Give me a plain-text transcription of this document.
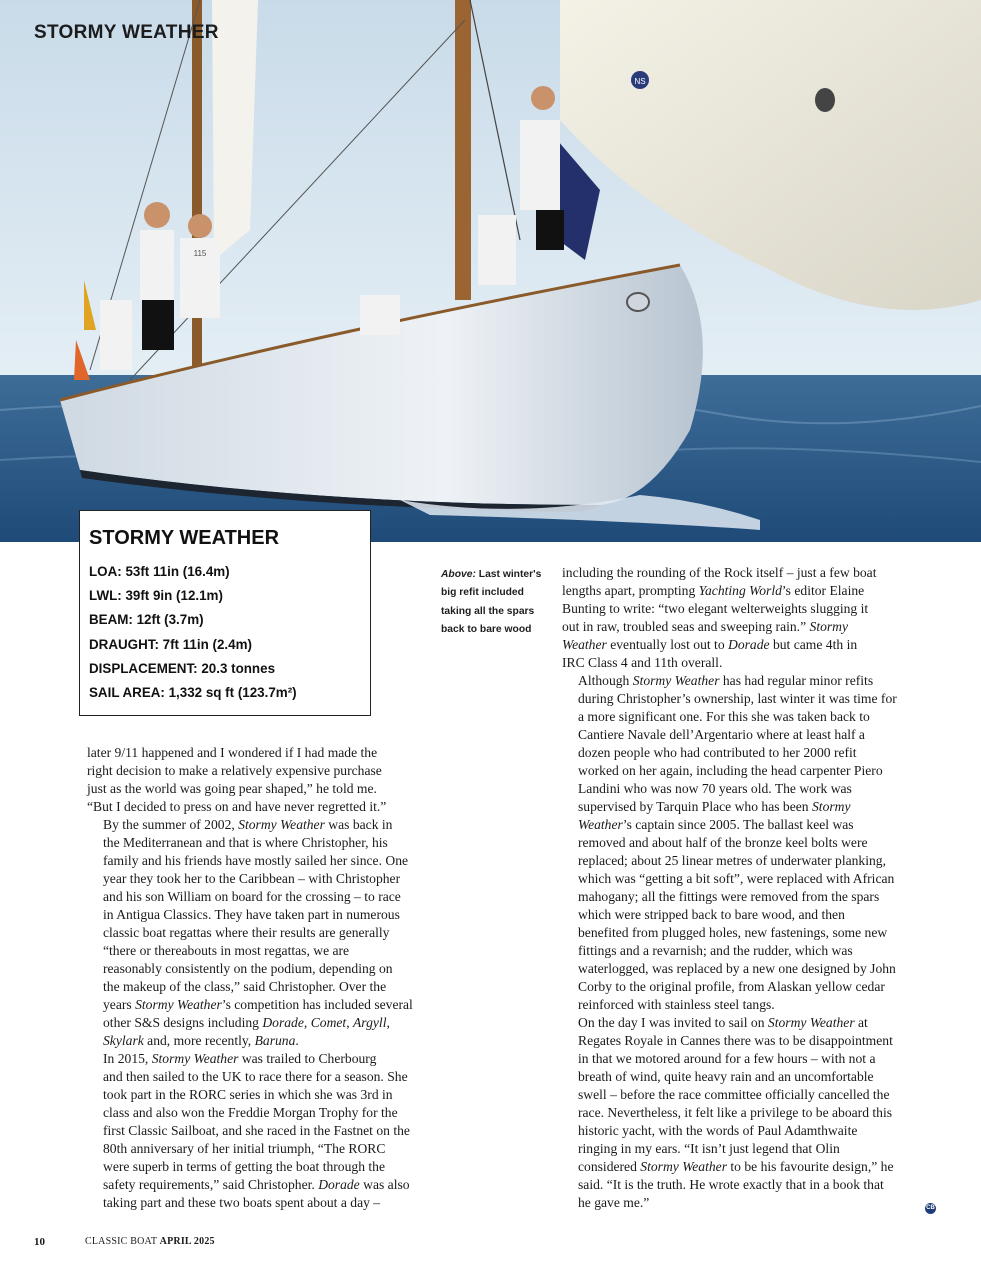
NS
115
STORMY WEATHER
STORMY WEATHER
LOA: 53ft 11in (16.4m)
LWL: 39ft 9in (12.1m)
BEAM: 12ft (3.7m)
DRAUGHT: 7ft 11in (2.4m)
DISPLACEMENT: 20.3 tonnes
SAIL AREA: 1,332 sq ft (123.7m²)

Above: Last winter's big refit included taking all the spars back to bare wood

later 9/11 happened and I wondered if I had made the
right decision to make a relatively expensive purchase
just as the world was going pear shaped,” he told me.
“But I decided to press on and have never regretted it.”

By the summer of 2002, Stormy Weather was back in
the Mediterranean and that is where Christopher, his
family and his friends have mostly sailed her since. One
year they took her to the Caribbean – with Christopher
and his son William on board for the crossing – to race
in Antigua Classics. They have taken part in numerous
classic boat regattas where their results are generally
“there or thereabouts in most regattas, we are
reasonably consistently on the podium, depending on
the makeup of the class,” said Christopher. Over the
years Stormy Weather’s competition has included several
other S&S designs including Dorade, Comet, Argyll,
Skylark and, more recently, Baruna.

In 2015, Stormy Weather was trailed to Cherbourg
and then sailed to the UK to race there for a season. She
took part in the RORC series in which she was 3rd in
class and also won the Freddie Morgan Trophy for the
first Classic Sailboat, and she raced in the Fastnet on the
80th anniversary of her initial triumph, “The RORC
were superb in terms of getting the boat through the
safety requirements,” said Christopher. Dorade was also
taking part and these two boats spent about a day –

including the rounding of the Rock itself – just a few boat
lengths apart, prompting Yachting World’s editor Elaine
Bunting to write: “two elegant welterweights slugging it
out in raw, troubled seas and sweeping rain.” Stormy
Weather eventually lost out to Dorade but came 4th in
IRC Class 4 and 11th overall.

Although Stormy Weather has had regular minor refits
during Christopher’s ownership, last winter it was time for
a more significant one. For this she was taken back to
Cantiere Navale dell’Argentario where at least half a
dozen people who had contributed to her 2000 refit
worked on her again, including the head carpenter Piero
Landini who was now 70 years old. The work was
supervised by Tarquin Place who has been Stormy
Weather’s captain since 2005. The ballast keel was
removed and about half of the bronze keel bolts were
replaced; about 25 linear metres of underwater planking,
which was “getting a bit soft”, were replaced with African
mahogany; all the fittings were removed from the spars
which were stripped back to bare wood, and then
benefited from plugged holes, new fastenings, some new
fittings and a revarnish; and the rudder, which was
waterlogged, was replaced by a new one designed by John
Corby to the original profile, from Alaskan yellow cedar
reinforced with stainless steel tangs.

On the day I was invited to sail on Stormy Weather at
Regates Royale in Cannes there was to be disappointment
in that we motored around for a few hours – with not a
breath of wind, quite heavy rain and an uncomfortable
swell – before the race committee officially cancelled the
race. Nevertheless, it felt like a privilege to be aboard this
historic yacht, with the words of Paul Adamthwaite
ringing in my ears. “It isn’t just legend that Olin
considered Stormy Weather to be his favourite design,” he
said. “It is the truth. He wrote exactly that in a book that
he gave me.”	CB

10	CLASSIC BOAT APRIL 2025
